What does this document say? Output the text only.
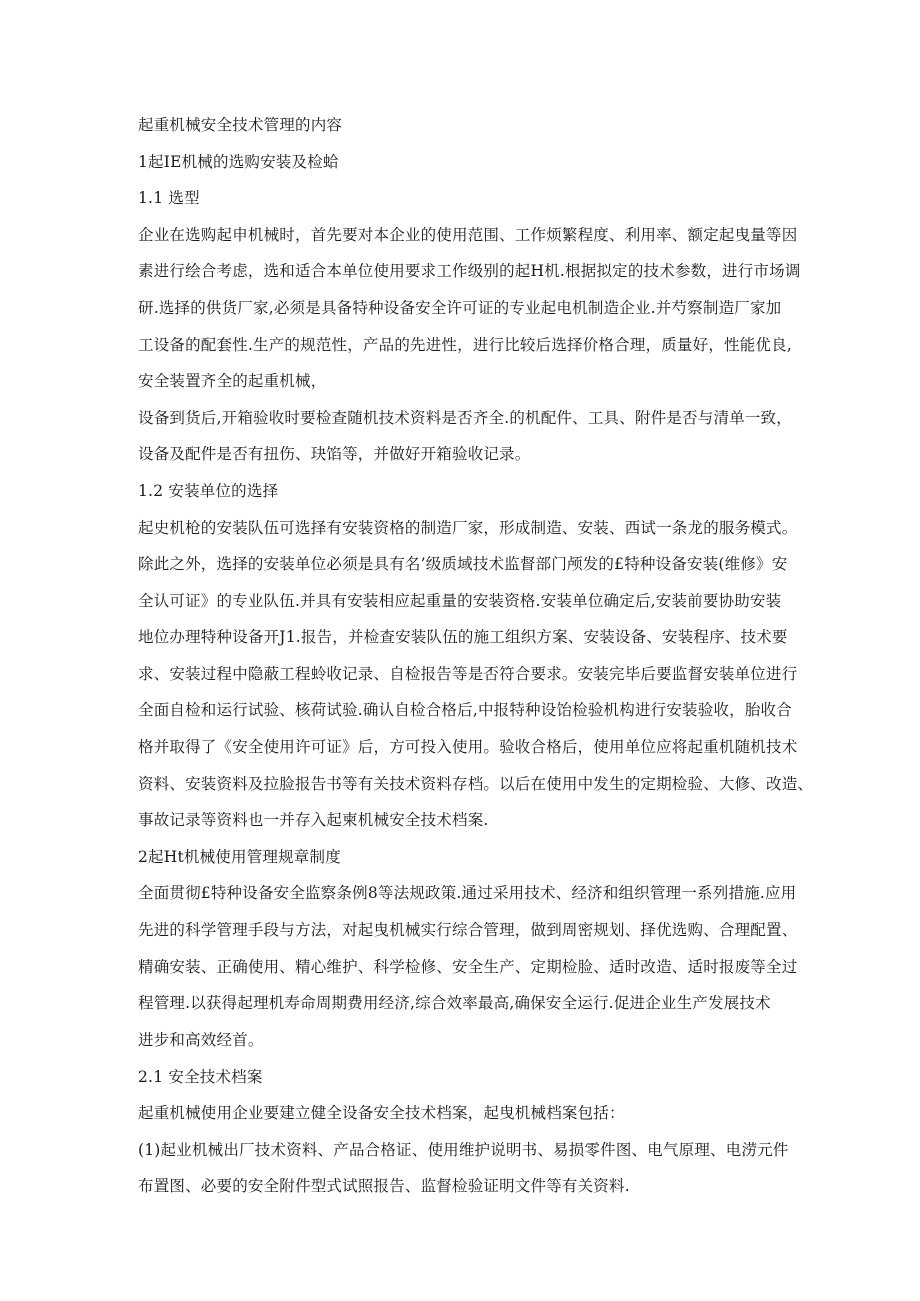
起重机械安全技术管理的内容
1起IE机械的选购安装及检蛤
1.1 选型
企业在选购起申机械时，首先要对本企业的使用范围、工作烦繁程度、利用率、额定起曳量等因
素进行绘合考虑，选和适合本单位使用要求工作级别的起H机.根据拟定的技术参数，进行市场调
研.选择的供货厂家,必须是具备特种设备安全许可证的专业起电机制造企业.并芍察制造厂家加
工设备的配套性.生产的规范性，产品的先进性，进行比较后选择价格合理，质量好，性能优良,
安全装置齐全的起重机械，
设备到货后,开箱验收时要检查随机技术资料是否齐全.的机配件、工具、附件是否与清单一致，
设备及配件是否有扭伤、玦馅等，并做好开箱验收记录。
1.2 安装单位的选择
起史机枪的安装队伍可选择有安装资格的制造厂家，形成制造、安装、西试一条龙的服务模式。
除此之外，选择的安装单位必须是具有名’级质域技术监督部门颅发的£特种设备安装(维修》安
全认可证》的专业队伍.并具有安装相应起重量的安装资格.安装单位确定后,安装前要协助安装
地位办理特种设备开J1.报告，并检查安装队伍的施工组织方案、安装设备、安装程序、技术要
求、安装过程中隐蔽工程蛉收记录、自检报告等是否符合要求。安装完毕后要监督安装单位进行
全面自检和运行试验、核荷试验.确认自检合格后,中报特种设饴检验机构进行安装验收，胎收合
格并取得了《安全使用许可证》后，方可投入使用。验收合格后，使用单位应将起重机随机技术
资料、安装资料及拉脸报告书等有关技术资料存档。以后在使用中发生的定期检验、大修、改造、
事故记录等资料也一并存入起柬机械安全技术档案.
2起Ht机械使用管理规章制度
全面贯彻£特种设备安全监察条例8等法规政策.通过采用技术、经济和组织管理一系列措施.应用
先进的科学管理手段与方法，对起曳机械实行综合管理，做到周密规划、择优选购、合理配置、
精确安装、正确使用、精心维护、科学检修、安全生产、定期检脸、适时改造、适时报废等全过
程管理.以获得起理机寿命周期费用经济,综合效率最高,确保安全运行.促进企业生产发展技术
进步和高效经首。
2.1 安全技术档案
起重机械使用企业要建立健全设备安全技术档案，起曳机械档案包括：
(1)起业机械出厂技术资料、产品合格证、使用维护说明书、易损零件图、电气原理、电涝元件
布置图、必要的安全附件型式试照报告、监督检验证明文件等有关资料.
